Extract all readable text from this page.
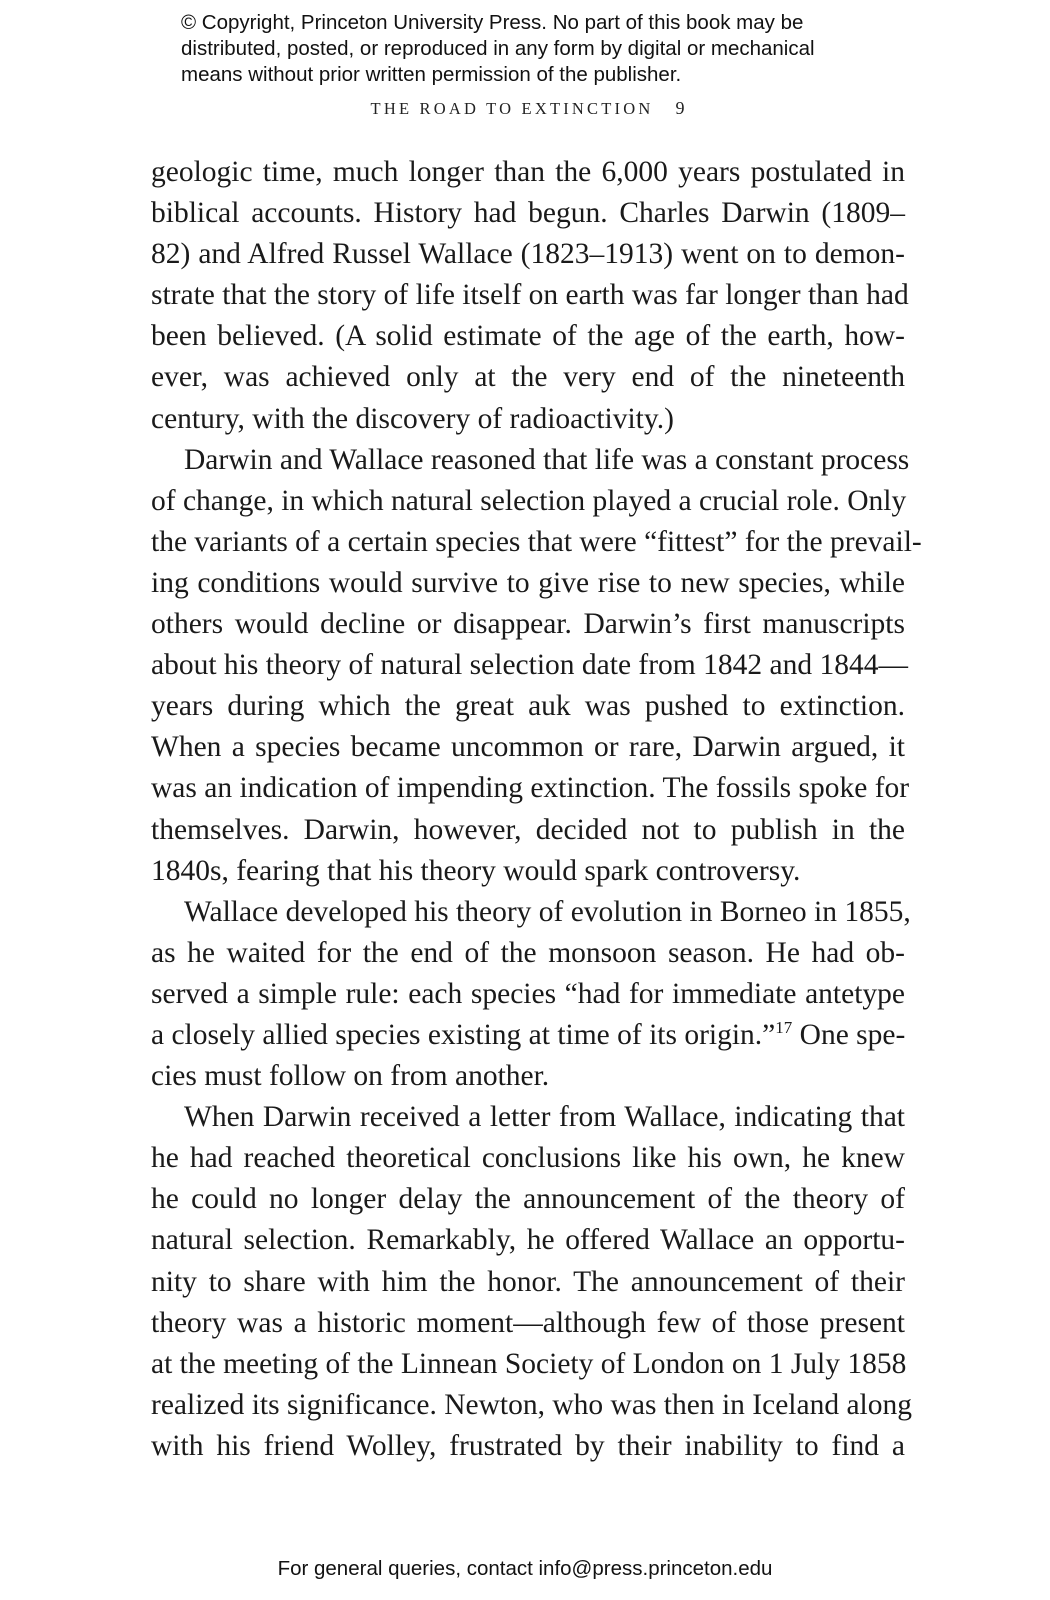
© Copyright, Princeton University Press. No part of this book may be
distributed, posted, or reproduced in any form by digital or mechanical
means without prior written permission of the publisher.
THE ROAD TO EXTINCTION 9
geologic time, much longer than the 6,000 years postulated in
biblical accounts. History had begun. Charles Darwin (1809–
82) and Alfred Russel Wallace (1823–1913) went on to demon-
strate that the story of life itself on earth was far longer than had
been believed. (A solid estimate of the age of the earth, how-
ever, was achieved only at the very end of the nineteenth
century, with the discovery of radioactivity.)
Darwin and Wallace reasoned that life was a constant process
of change, in which natural selection played a crucial role. Only
the variants of a certain species that were “fittest” for the prevail-
ing conditions would survive to give rise to new species, while
others would decline or disappear. Darwin’s first manuscripts
about his theory of natural selection date from 1842 and 1844—
years during which the great auk was pushed to extinction.
When a species became uncommon or rare, Darwin argued, it
was an indication of impending extinction. The fossils spoke for
themselves. Darwin, however, decided not to publish in the
1840s, fearing that his theory would spark controversy.
Wallace developed his theory of evolution in Borneo in 1855,
as he waited for the end of the monsoon season. He had ob-
served a simple rule: each species “had for immediate antetype
a closely allied species existing at time of its origin.”$^{17}$ One spe-
cies must follow on from another.
When Darwin received a letter from Wallace, indicating that
he had reached theoretical conclusions like his own, he knew
he could no longer delay the announcement of the theory of
natural selection. Remarkably, he offered Wallace an opportu-
nity to share with him the honor. The announcement of their
theory was a historic moment—although few of those present
at the meeting of the Linnean Society of London on 1 July 1858
realized its significance. Newton, who was then in Iceland along
with his friend Wolley, frustrated by their inability to find a
For general queries, contact info@press.princeton.edu
